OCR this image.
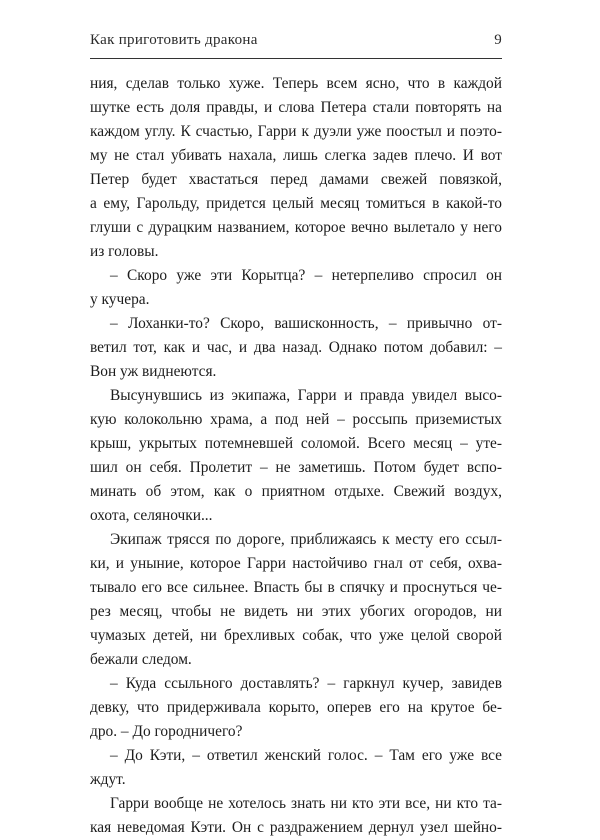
Как приготовить дракона	9
ния, сделав только хуже. Теперь всем ясно, что в каждой
шутке есть доля правды, и слова Петера стали повторять на
каждом углу. К счастью, Гарри к дуэли уже поостыл и поэто-
му не стал убивать нахала, лишь слегка задев плечо. И вот
Петер будет хвастаться перед дамами свежей повязкой,
а ему, Гарольду, придется целый месяц томиться в какой-то
глуши с дурацким названием, которое вечно вылетало у него
из головы.
– Скоро уже эти Корытца? – нетерпеливо спросил он
у кучера.
– Лоханки-то? Скоро, вашисконность, – привычно от-
ветил тот, как и час, и два назад. Однако потом добавил: –
Вон уж виднеются.
Высунувшись из экипажа, Гарри и правда увидел высо-
кую колокольню храма, а под ней – россыпь приземистых
крыш, укрытых потемневшей соломой. Всего месяц – уте-
шил он себя. Пролетит – не заметишь. Потом будет вспо-
минать об этом, как о приятном отдыхе. Свежий воздух,
охота, селяночки...
Экипаж трясся по дороге, приближаясь к месту его ссыл-
ки, и уныние, которое Гарри настойчиво гнал от себя, охва-
тывало его все сильнее. Впасть бы в спячку и проснуться че-
рез месяц, чтобы не видеть ни этих убогих огородов, ни
чумазых детей, ни брехливых собак, что уже целой сворой
бежали следом.
– Куда ссыльного доставлять? – гаркнул кучер, завидев
девку, что придерживала корыто, оперев его на крутое бе-
дро. – До городничего?
– До Кэти, – ответил женский голос. – Там его уже все
ждут.
Гарри вообще не хотелось знать ни кто эти все, ни кто та-
кая неведомая Кэти. Он с раздражением дернул узел шейно-
